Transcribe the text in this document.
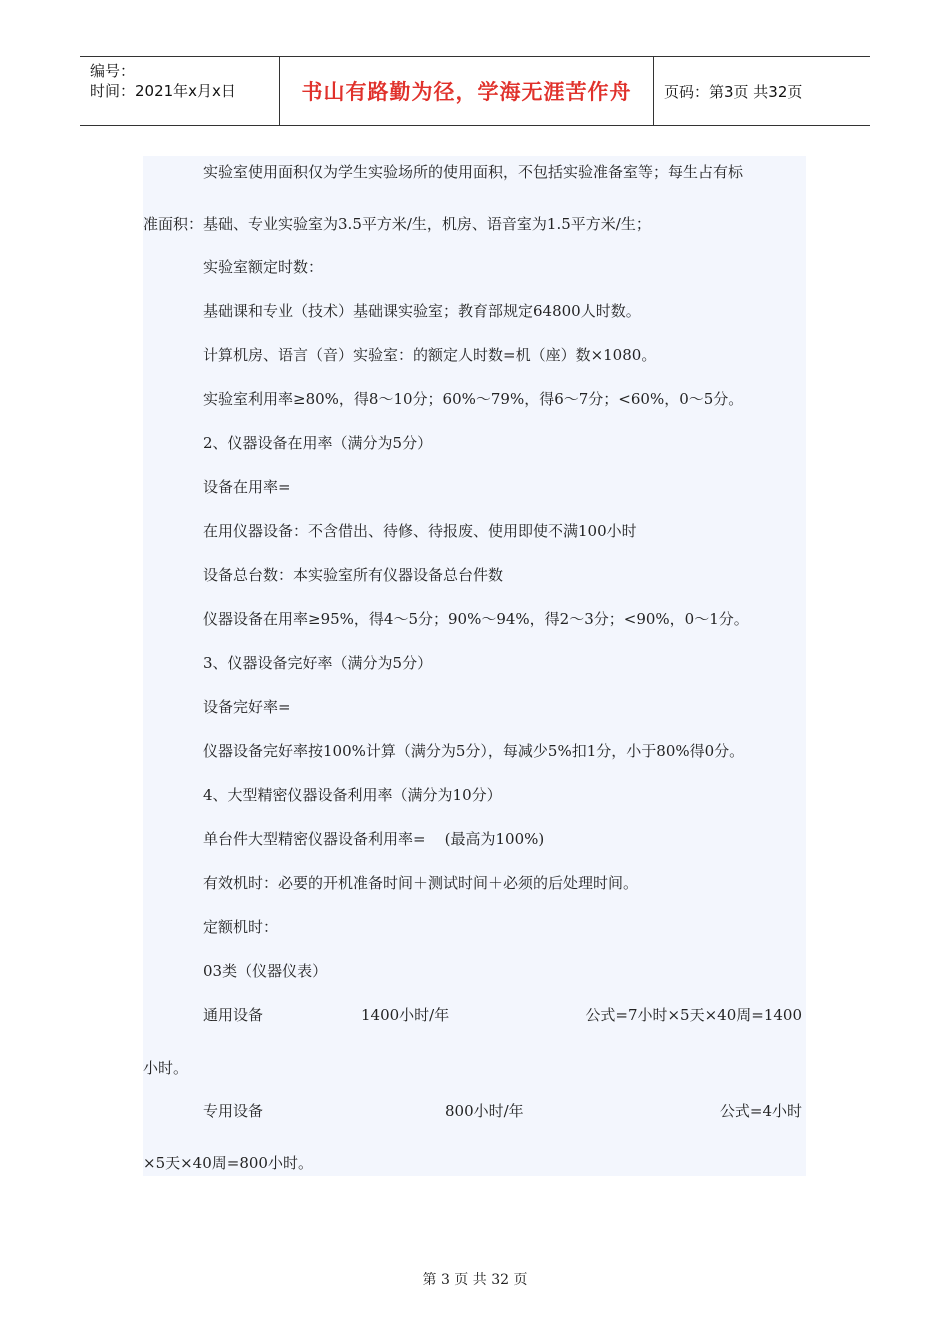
编号：
时间：2021年x月x日	书山有路勤为径，学海无涯苦作舟	页码：第3页 共32页
实验室使用面积仅为学生实验场所的使用面积，不包括实验准备室等；每生占有标
准面积：基础、专业实验室为3.5平方米/生，机房、语音室为1.5平方米/生；
实验室额定时数：
基础课和专业（技术）基础课实验室；教育部规定64800人时数。
计算机房、语言（音）实验室：的额定人时数=机（座）数×1080。
实验室利用率≥80%，得8～10分；60%～79%，得6～7分；<60%，0～5分。
2、仪器设备在用率（满分为5分）
设备在用率=
在用仪器设备：不含借出、待修、待报废、使用即使不满100小时
设备总台数：本实验室所有仪器设备总台件数
仪器设备在用率≥95%，得4～5分；90%～94%，得2～3分；<90%，0～1分。
3、仪器设备完好率（满分为5分）
设备完好率=
仪器设备完好率按100%计算（满分为5分），每减少5%扣1分，小于80%得0分。
4、大型精密仪器设备利用率（满分为10分）
单台件大型精密仪器设备利用率=    (最高为100%)
有效机时：必要的开机准备时间＋测试时间＋必须的后处理时间。
定额机时：
03类（仪器仪表）
通用设备	1400小时/年	公式=7小时×5天×40周=1400
小时。
专用设备	800小时/年	公式=4小时
×5天×40周=800小时。
第 3 页 共 32 页
